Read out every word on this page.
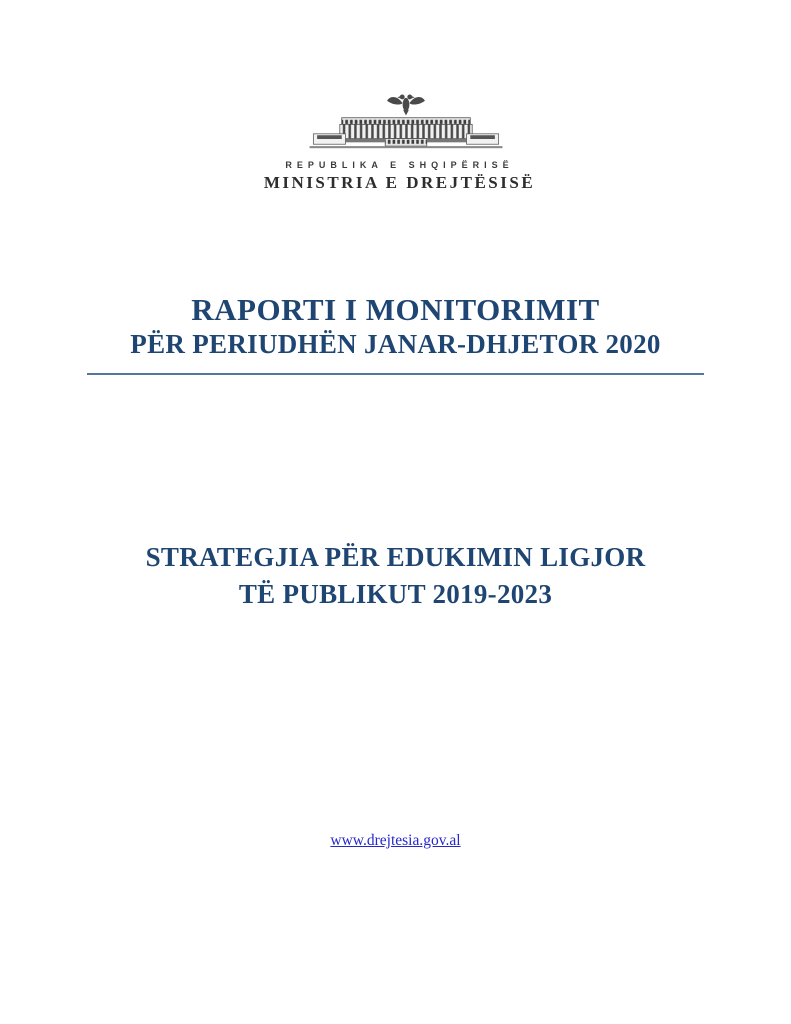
REPUBLIKA E SHQIPËRISË
MINISTRIA E DREJTËSISË
RAPORTI I MONITORIMIT
PËR PERIUDHËN JANAR-DHJETOR 2020
STRATEGJIA PËR EDUKIMIN LIGJOR
TË PUBLIKUT 2019-2023
www.drejtesia.gov.al
